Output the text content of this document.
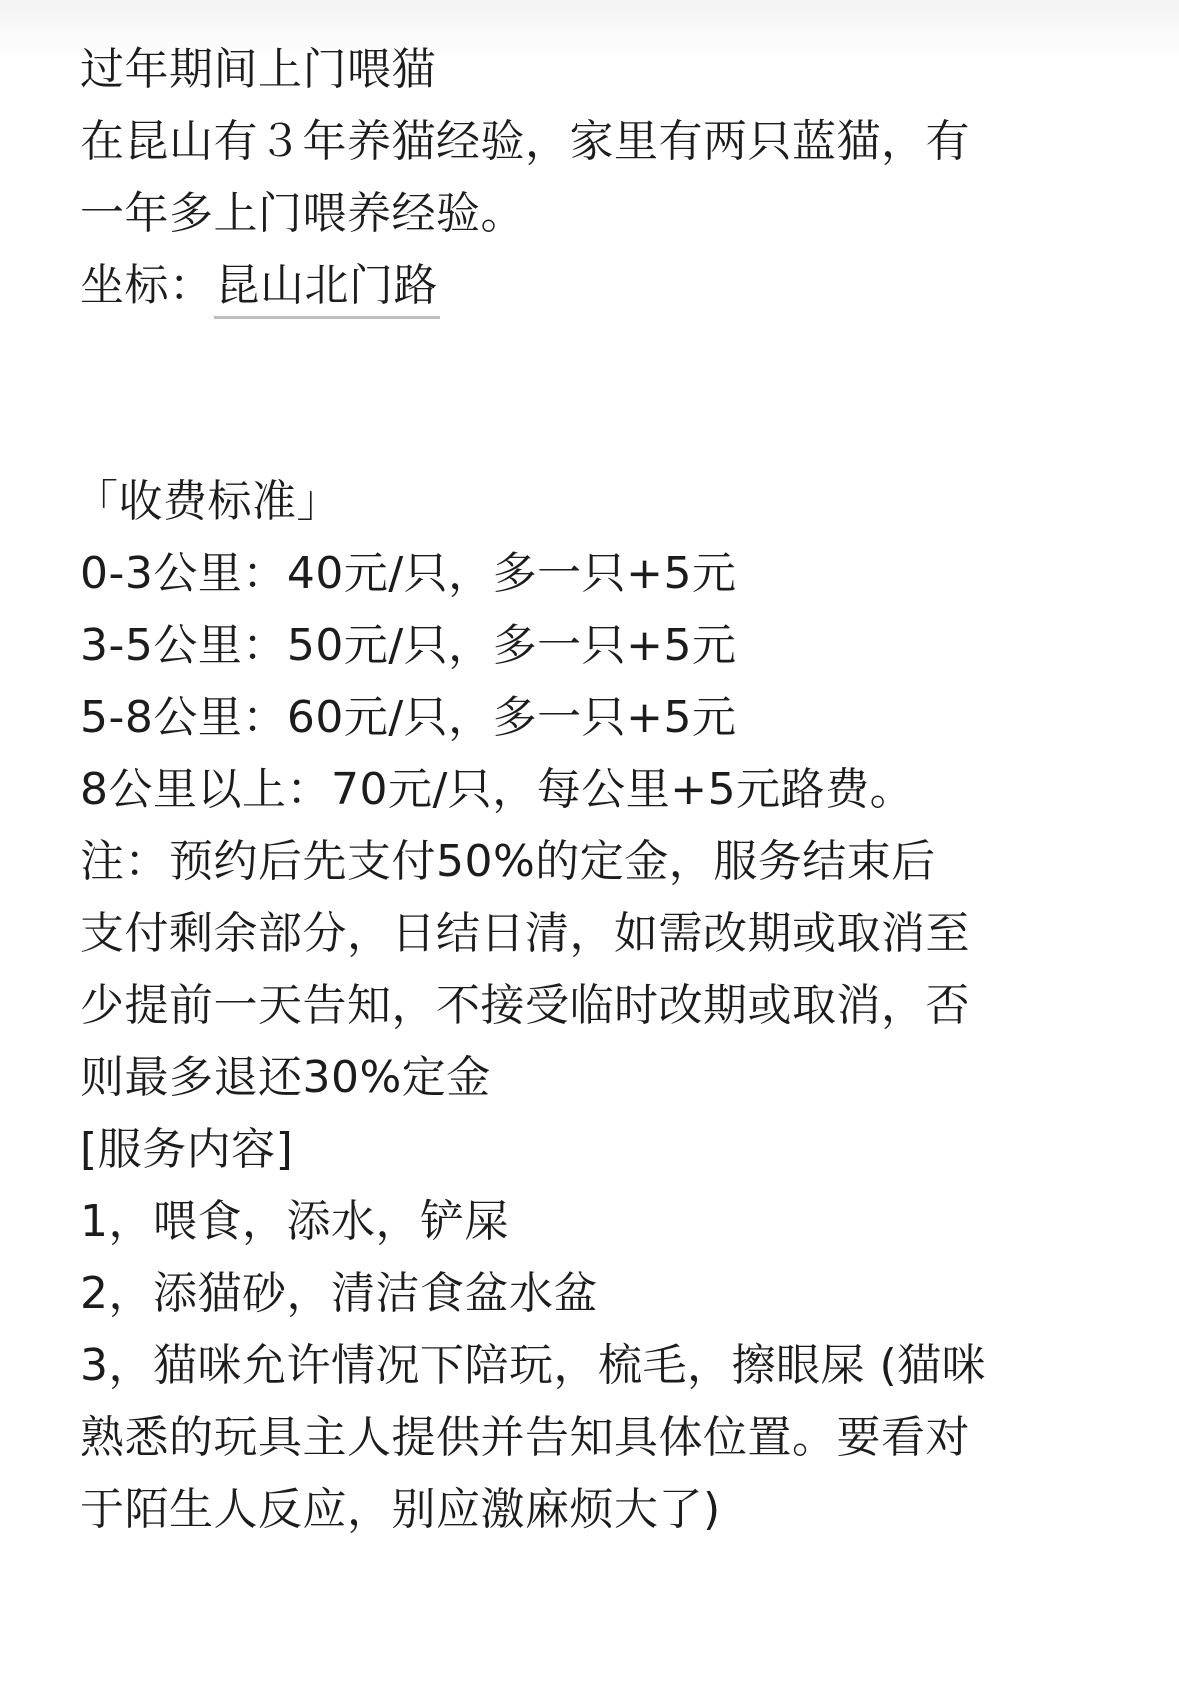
过年期间上门喂猫
在昆山有３年养猫经验，家里有两只蓝猫，有
一年多上门喂养经验。
坐标：昆山北门路
「收费标准」
0-3公里：40元/只，多一只+5元
3-5公里：50元/只，多一只+5元
5-8公里：60元/只，多一只+5元
8公里以上：70元/只，每公里+5元路费。
注：预约后先支付50%的定金，服务结束后
支付剩余部分，日结日清，如需改期或取消至
少提前一天告知，不接受临时改期或取消，否
则最多退还30%定金
[服务内容]
1，喂食，添水，铲屎
2，添猫砂，清洁食盆水盆
3，猫咪允许情况下陪玩，梳毛，擦眼屎 (猫咪
熟悉的玩具主人提供并告知具体位置。要看对
于陌生人反应，别应激麻烦大了)
